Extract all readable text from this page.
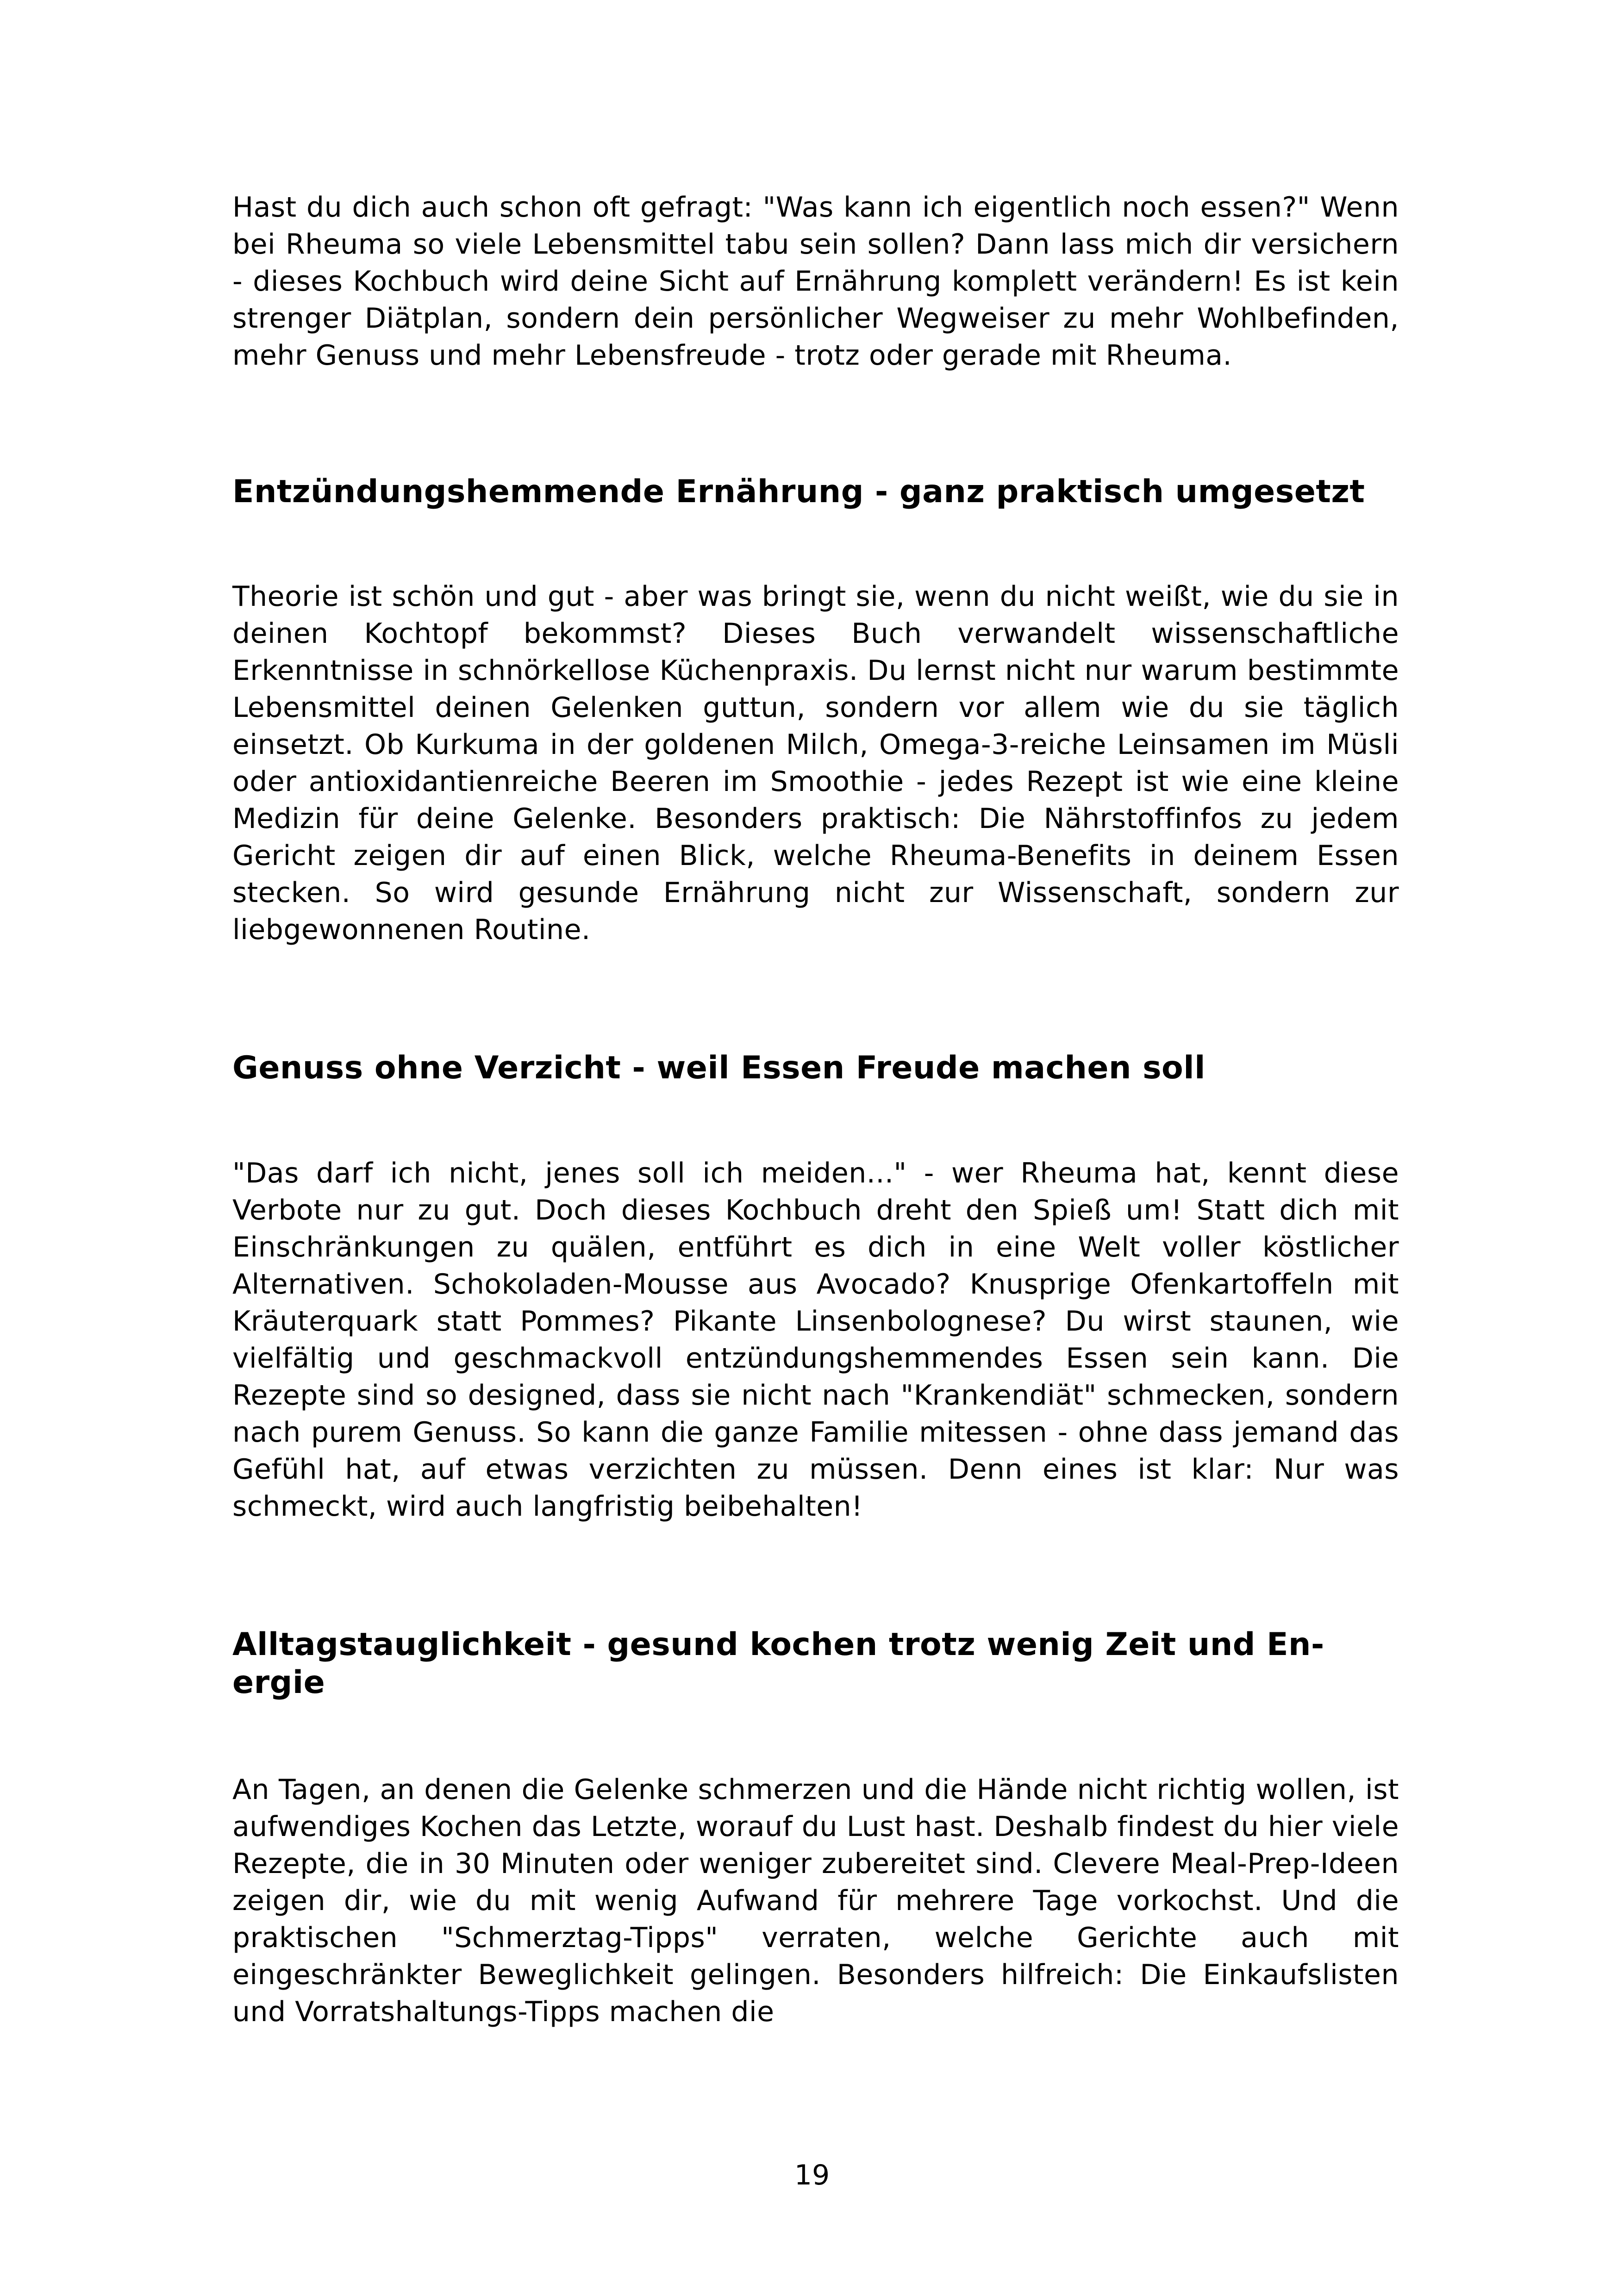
Hast du dich auch schon oft gefragt: "Was kann ich eigentlich noch essen?" Wenn bei Rheuma so viele Lebensmittel tabu sein sollen? Dann lass mich dir versichern - dieses Kochbuch wird deine Sicht auf Ernährung komplett verändern! Es ist kein strenger Diätplan, sondern dein persönlicher Wegweiser zu mehr Wohlbefinden, mehr Genuss und mehr Lebensfreude - trotz oder gerade mit Rheuma.

Entzündungshemmende Ernährung - ganz praktisch umgesetzt

Theorie ist schön und gut - aber was bringt sie, wenn du nicht weißt, wie du sie in deinen Kochtopf bekommst? Dieses Buch verwandelt wissenschaftliche Erkenntnisse in schnörkellose Küchenpraxis. Du lernst nicht nur warum bestimmte Lebensmittel deinen Gelenken guttun, sondern vor allem wie du sie täglich einsetzt. Ob Kurkuma in der goldenen Milch, Omega-3-reiche Leinsamen im Müsli oder antioxidantienreiche Beeren im Smoothie - jedes Rezept ist wie eine kleine Medizin für deine Gelenke. Besonders praktisch: Die Nährstoffinfos zu jedem Gericht zeigen dir auf einen Blick, welche Rheuma-Benefits in deinem Essen stecken. So wird gesunde Ernährung nicht zur Wissenschaft, sondern zur liebgewonnenen Routine.

Genuss ohne Verzicht - weil Essen Freude machen soll

"Das darf ich nicht, jenes soll ich meiden..." - wer Rheuma hat, kennt diese Verbote nur zu gut. Doch dieses Kochbuch dreht den Spieß um! Statt dich mit Einschränkungen zu quälen, entführt es dich in eine Welt voller köstlicher Alternativen. Schokoladen-Mousse aus Avocado? Knusprige Ofenkartoffeln mit Kräuterquark statt Pommes? Pikante Linsenbolognese? Du wirst staunen, wie vielfältig und geschmackvoll entzündungshemmendes Essen sein kann. Die Rezepte sind so designed, dass sie nicht nach "Krankendiät" schmecken, sondern nach purem Genuss. So kann die ganze Familie mitessen - ohne dass jemand das Gefühl hat, auf etwas verzichten zu müssen. Denn eines ist klar: Nur was schmeckt, wird auch langfristig beibehalten!

Alltagstauglichkeit - gesund kochen trotz wenig Zeit und Energie

An Tagen, an denen die Gelenke schmerzen und die Hände nicht richtig wollen, ist aufwendiges Kochen das Letzte, worauf du Lust hast. Deshalb findest du hier viele Rezepte, die in 30 Minuten oder weniger zubereitet sind. Clevere Meal-Prep-Ideen zeigen dir, wie du mit wenig Aufwand für mehrere Tage vorkochst. Und die praktischen "Schmerztag-Tipps" verraten, welche Gerichte auch mit eingeschränkter Beweglichkeit gelingen. Besonders hilfreich: Die Einkaufslisten und Vorratshaltungs-Tipps machen die

19
